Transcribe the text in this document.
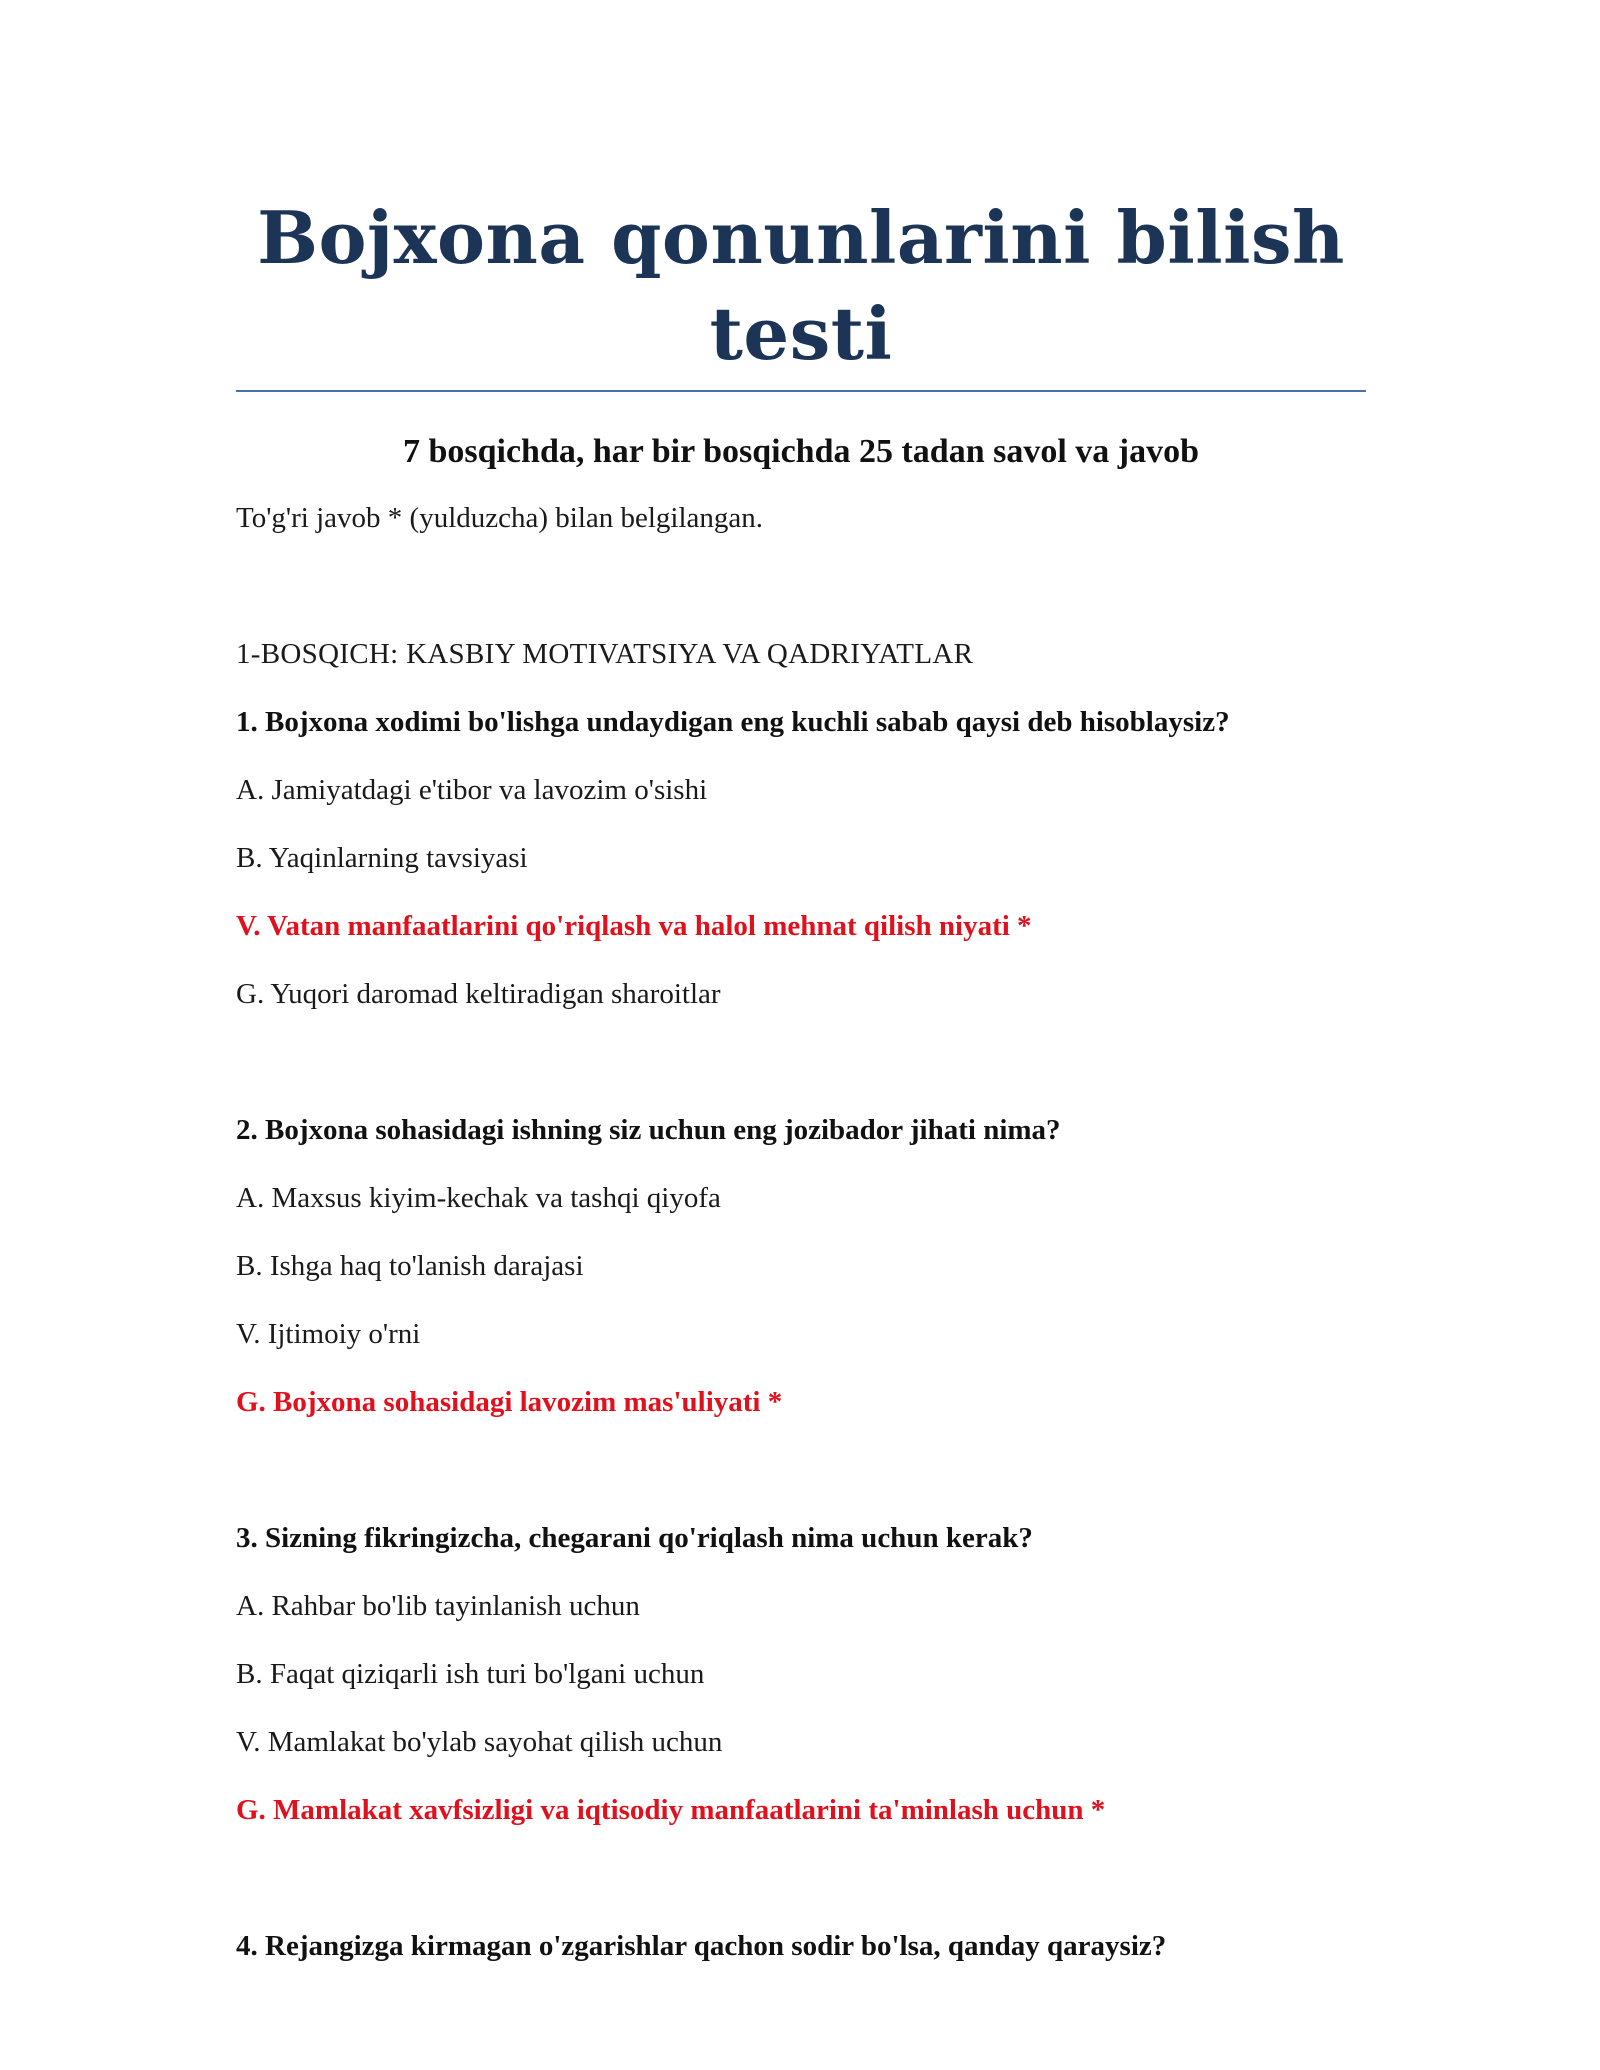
Bojxona qonunlarini bilish testi

7 bosqichda, har bir bosqichda 25 tadan savol va javob

To'g'ri javob * (yulduzcha) bilan belgilangan.

1-BOSQICH: KASBIY MOTIVATSIYA VA QADRIYATLAR

1. Bojxona xodimi bo'lishga undaydigan eng kuchli sabab qaysi deb hisoblaysiz?

A. Jamiyatdagi e'tibor va lavozim o'sishi

B. Yaqinlarning tavsiyasi

V. Vatan manfaatlarini qo'riqlash va halol mehnat qilish niyati *

G. Yuqori daromad keltiradigan sharoitlar

2. Bojxona sohasidagi ishning siz uchun eng jozibador jihati nima?

A. Maxsus kiyim-kechak va tashqi qiyofa

B. Ishga haq to'lanish darajasi

V. Ijtimoiy o'rni

G. Bojxona sohasidagi lavozim mas'uliyati *

3. Sizning fikringizcha, chegarani qo'riqlash nima uchun kerak?

A. Rahbar bo'lib tayinlanish uchun

B. Faqat qiziqarli ish turi bo'lgani uchun

V. Mamlakat bo'ylab sayohat qilish uchun

G. Mamlakat xavfsizligi va iqtisodiy manfaatlarini ta'minlash uchun *

4. Rejangizga kirmagan o'zgarishlar qachon sodir bo'lsa, qanday qaraysiz?
